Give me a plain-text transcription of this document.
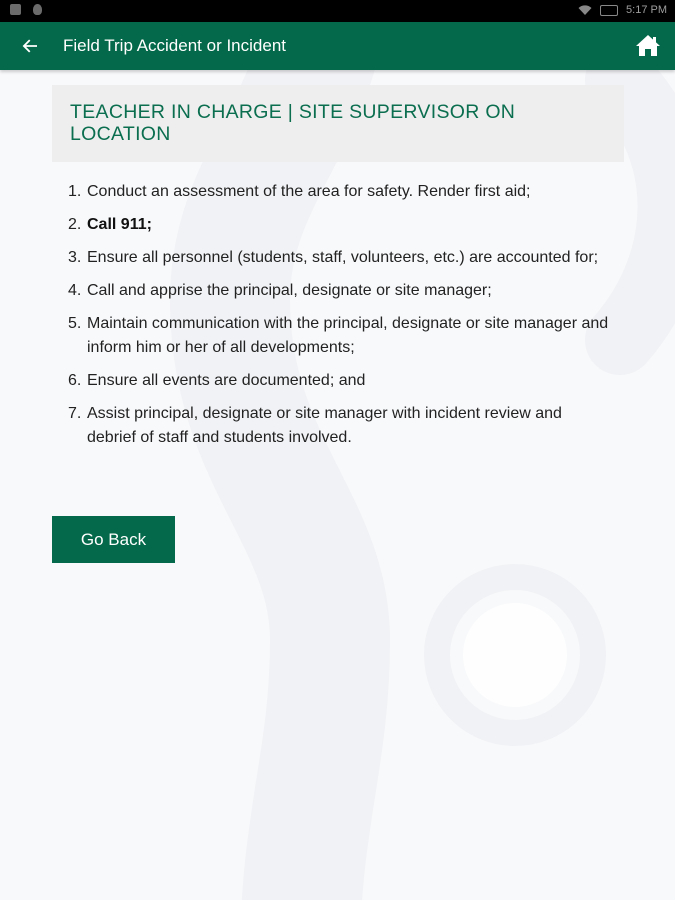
5:17 PM
Field Trip Accident or Incident
TEACHER IN CHARGE | SITE SUPERVISOR ON LOCATION
1. Conduct an assessment of the area for safety. Render first aid;
2. Call 911;
3. Ensure all personnel (students, staff, volunteers, etc.) are accounted for;
4. Call and apprise the principal, designate or site manager;
5. Maintain communication with the principal, designate or site manager and inform him or her of all developments;
6. Ensure all events are documented; and
7. Assist principal, designate or site manager with incident review and debrief of staff and students involved.
Go Back
